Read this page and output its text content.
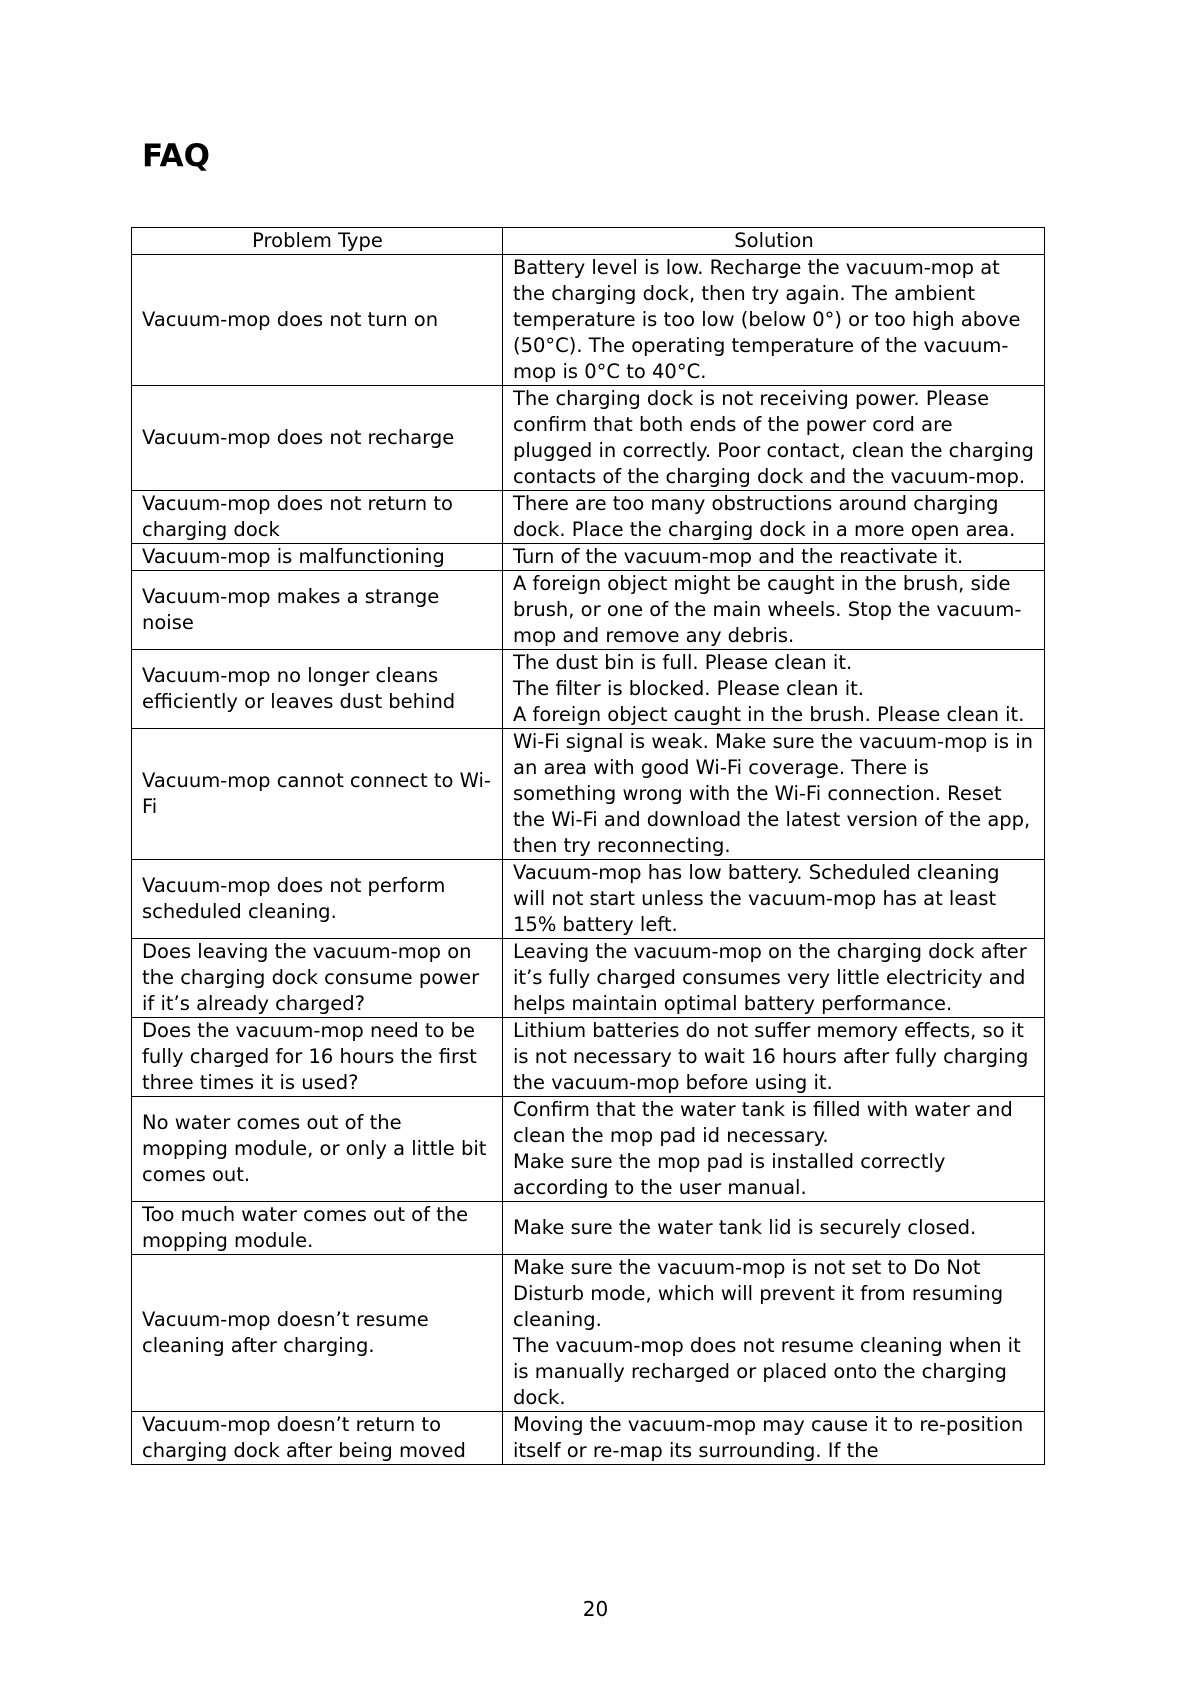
FAQ
Problem Type	Solution
Vacuum-mop does not turn on	Battery level is low. Recharge the vacuum-mop at the charging dock, then try again. The ambient temperature is too low (below 0°) or too high above (50°C). The operating temperature of the vacuum-mop is 0°C to 40°C.

Vacuum-mop does not recharge	The charging dock is not receiving power. Please confirm that both ends of the power cord are plugged in correctly. Poor contact, clean the charging contacts of the charging dock and the vacuum-mop.

Vacuum-mop does not return to charging dock	There are too many obstructions around charging dock. Place the charging dock in a more open area.

Vacuum-mop is malfunctioning	Turn of the vacuum-mop and the reactivate it.

Vacuum-mop makes a strange noise	A foreign object might be caught in the brush, side brush, or one of the main wheels. Stop the vacuum-mop and remove any debris.

Vacuum-mop no longer cleans efficiently or leaves dust behind	The dust bin is full. Please clean it.
The filter is blocked. Please clean it.
A foreign object caught in the brush. Please clean it.

Vacuum-mop cannot connect to Wi-Fi	Wi-Fi signal is weak. Make sure the vacuum-mop is in an area with good Wi-Fi coverage. There is something wrong with the Wi-Fi connection. Reset the Wi-Fi and download the latest version of the app, then try reconnecting.

Vacuum-mop does not perform scheduled cleaning.	Vacuum-mop has low battery. Scheduled cleaning will not start unless the vacuum-mop has at least 15% battery left.

Does leaving the vacuum-mop on the charging dock consume power if it’s already charged?	Leaving the vacuum-mop on the charging dock after it’s fully charged consumes very little electricity and helps maintain optimal battery performance.

Does the vacuum-mop need to be fully charged for 16 hours the first three times it is used?	Lithium batteries do not suffer memory effects, so it is not necessary to wait 16 hours after fully charging the vacuum-mop before using it.

No water comes out of the mopping module, or only a little bit comes out.	Confirm that the water tank is filled with water and clean the mop pad id necessary.
Make sure the mop pad is installed correctly according to the user manual.

Too much water comes out of the mopping module.	Make sure the water tank lid is securely closed.

Vacuum-mop doesn’t resume cleaning after charging.	Make sure the vacuum-mop is not set to Do Not Disturb mode, which will prevent it from resuming cleaning.
The vacuum-mop does not resume cleaning when it is manually recharged or placed onto the charging dock.

Vacuum-mop doesn’t return to charging dock after being moved	Moving the vacuum-mop may cause it to re-position itself or re-map its surrounding. If the
20
